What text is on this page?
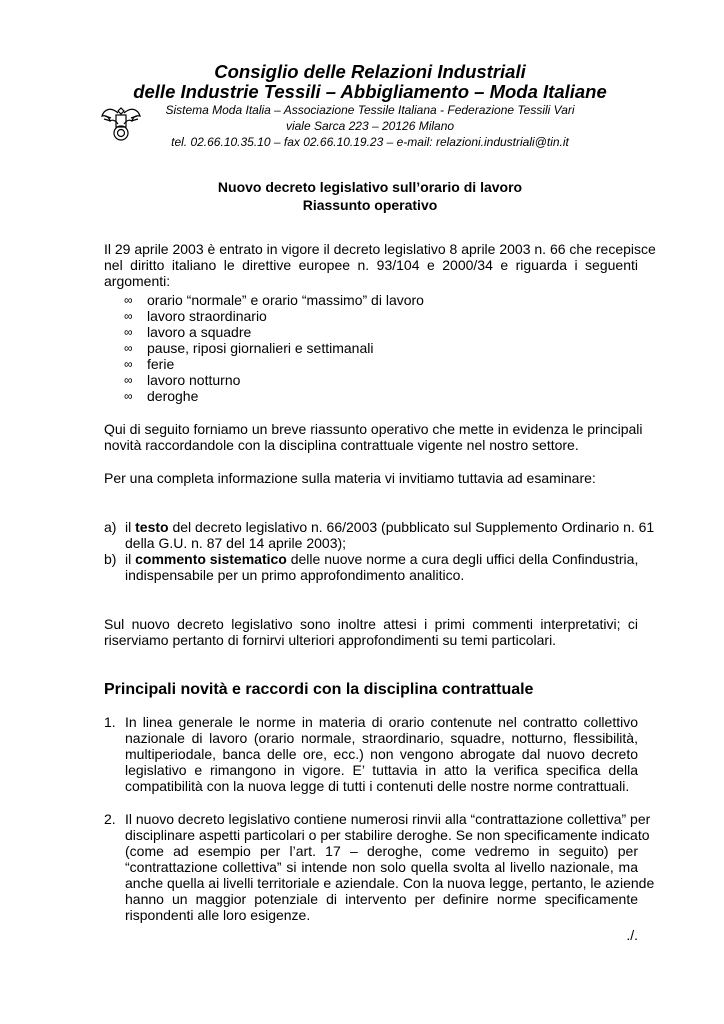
Consiglio delle Relazioni Industriali
delle Industrie Tessili – Abbigliamento – Moda Italiane
Sistema Moda Italia – Associazione Tessile Italiana - Federazione Tessili Vari
viale Sarca 223 – 20126 Milano
tel. 02.66.10.35.10 – fax 02.66.10.19.23 – e-mail: relazioni.industriali@tin.it
Nuovo decreto legislativo sull’orario di lavoro
Riassunto operativo
Il 29 aprile 2003 è entrato in vigore il decreto legislativo 8 aprile 2003 n. 66 che recepisce
nel diritto italiano le direttive europee n. 93/104 e 2000/34 e riguarda i seguenti
argomenti:
∞ orario “normale” e orario “massimo” di lavoro
∞ lavoro straordinario
∞ lavoro a squadre
∞ pause, riposi giornalieri e settimanali
∞ ferie
∞ lavoro notturno
∞ deroghe
Qui di seguito forniamo un breve riassunto operativo che mette in evidenza le principali
novità raccordandole con la disciplina contrattuale vigente nel nostro settore.
Per una completa informazione sulla materia vi invitiamo tuttavia ad esaminare:
a) il testo del decreto legislativo n. 66/2003 (pubblicato sul Supplemento Ordinario n. 61
della G.U. n. 87 del 14 aprile 2003);
b) il commento sistematico delle nuove norme a cura degli uffici della Confindustria,
indispensabile per un primo approfondimento analitico.
Sul nuovo decreto legislativo sono inoltre attesi i primi commenti interpretativi; ci
riserviamo pertanto di fornirvi ulteriori approfondimenti su temi particolari.
Principali novità e raccordi con la disciplina contrattuale
1. In linea generale le norme in materia di orario contenute nel contratto collettivo
nazionale di lavoro (orario normale, straordinario, squadre, notturno, flessibilità,
multiperiodale, banca delle ore, ecc.) non vengono abrogate dal nuovo decreto
legislativo e rimangono in vigore. E’ tuttavia in atto la verifica specifica della
compatibilità con la nuova legge di tutti i contenuti delle nostre norme contrattuali.
2. Il nuovo decreto legislativo contiene numerosi rinvii alla “contrattazione collettiva” per
disciplinare aspetti particolari o per stabilire deroghe. Se non specificamente indicato
(come ad esempio per l’art. 17 – deroghe, come vedremo in seguito) per
“contrattazione collettiva” si intende non solo quella svolta al livello nazionale, ma
anche quella ai livelli territoriale e aziendale. Con la nuova legge, pertanto, le aziende
hanno un maggior potenziale di intervento per definire norme specificamente
rispondenti alle loro esigenze.
./.
